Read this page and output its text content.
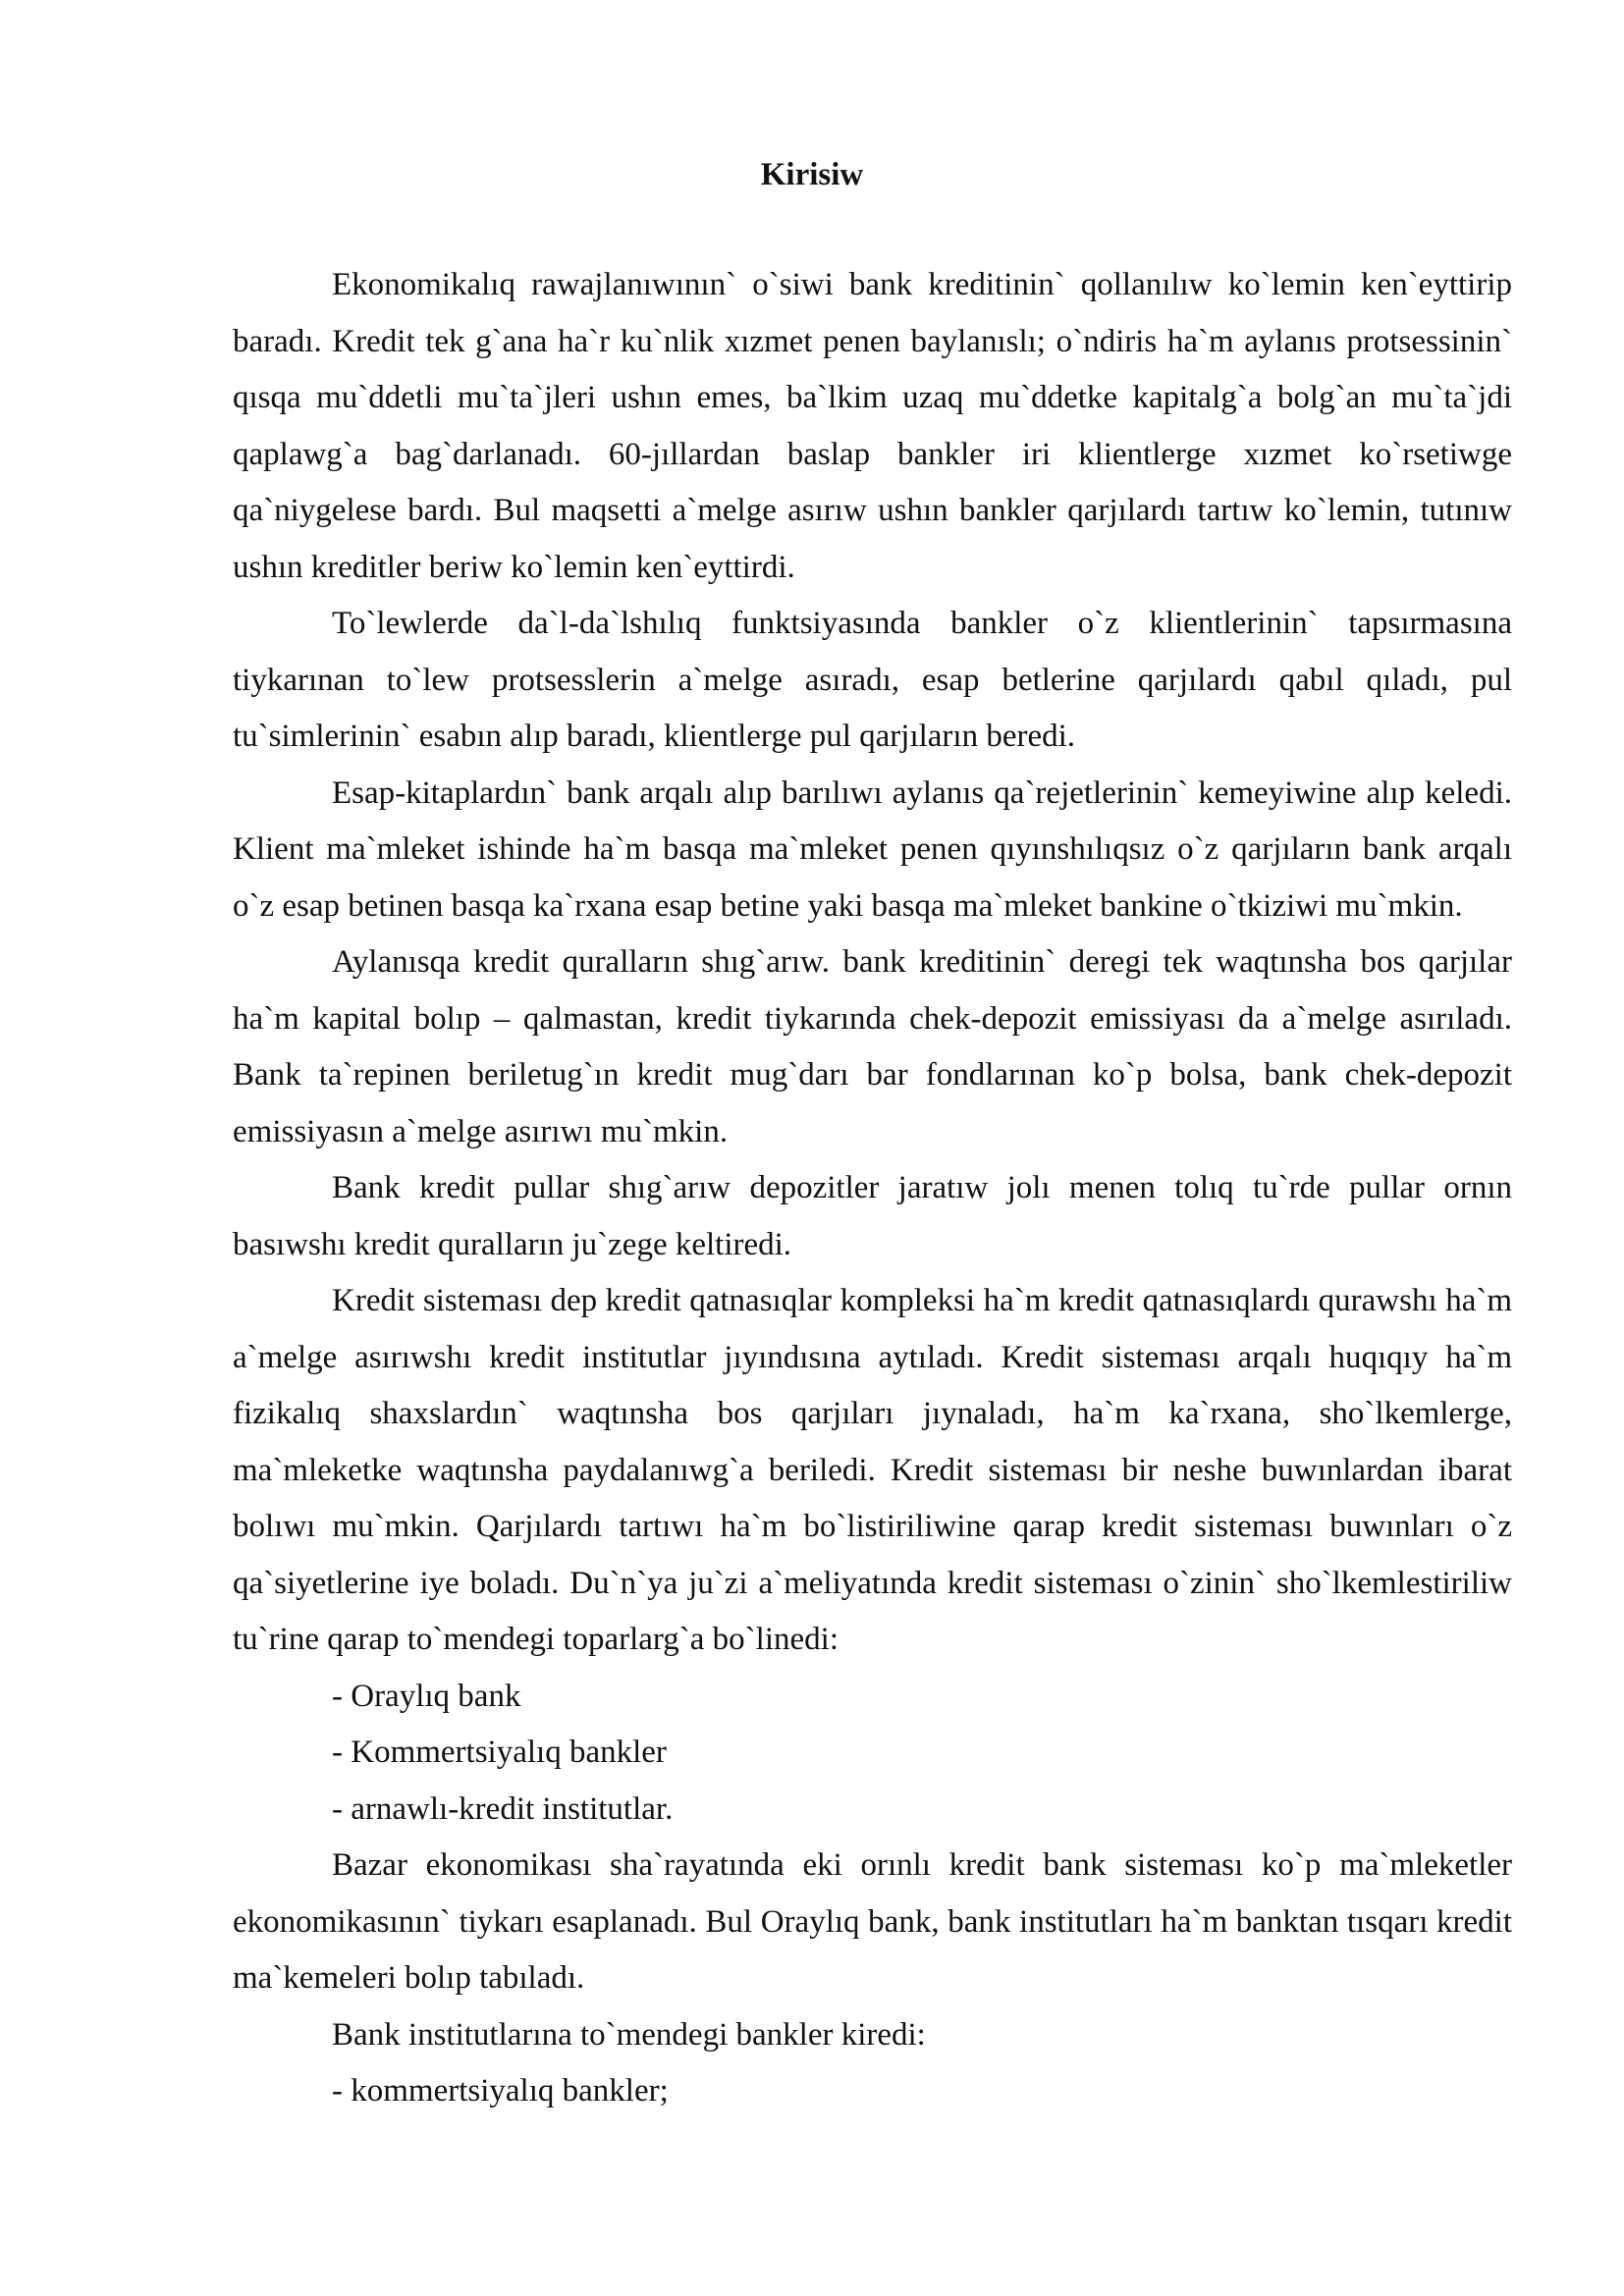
Kirisiw

Ekonomikalıq rawajlanıwının` o`siwi bank kreditinin` qollanılıw ko`lemin ken`eyttirip baradı. Kredit tek g`ana ha`r ku`nlik xızmet penen baylanıslı; o`ndiris ha`m aylanıs protsessinin` qısqa mu`ddetli mu`ta`jleri ushın emes, ba`lkim uzaq mu`ddetke kapitalg`a bolg`an mu`ta`jdi qaplawg`a bag`darlanadı. 60-jıllardan baslap bankler iri klientlerge xızmet ko`rsetiwge qa`niygelese bardı. Bul maqsetti a`melge asırıw ushın bankler qarjılardı tartıw ko`lemin, tutınıw ushın kreditler beriw ko`lemin ken`eyttirdi.

To`lewlerde da`l-da`lshılıq funktsiyasında bankler o`z klientlerinin` tapsırmasına tiykarınan to`lew protsesslerin a`melge asıradı, esap betlerine qarjılardı qabıl qıladı, pul tu`simlerinin` esabın alıp baradı, klientlerge pul qarjıların beredi.

Esap-kitaplardın` bank arqalı alıp barılıwı aylanıs qa`rejetlerinin` kemeyiwine alıp keledi. Klient ma`mleket ishinde ha`m basqa ma`mleket penen qıyınshılıqsız o`z qarjıların bank arqalı o`z esap betinen basqa ka`rxana esap betine yaki basqa ma`mleket bankine o`tkiziwi mu`mkin.

Aylanısqa kredit quralların shıg`arıw. bank kreditinin` deregi tek waqtınsha bos qarjılar ha`m kapital bolıp – qalmastan, kredit tiykarında chek-depozit emissiyası da a`melge asırıladı. Bank ta`repinen beriletug`ın kredit mug`darı bar fondlarınan ko`p bolsa, bank chek-depozit emissiyasın a`melge asırıwı mu`mkin.

Bank kredit pullar shıg`arıw depozitler jaratıw jolı menen tolıq tu`rde pullar ornın basıwshı kredit quralların ju`zege keltiredi.

Kredit sisteması dep kredit qatnasıqlar kompleksi ha`m kredit qatnasıqlardı qurawshı ha`m a`melge asırıwshı kredit institutlar jıyındısına aytıladı. Kredit sisteması arqalı huqıqıy ha`m fizikalıq shaxslardın` waqtınsha bos qarjıları jıynaladı, ha`m ka`rxana, sho`lkemlerge, ma`mleketke waqtınsha paydalanıwg`a beriledi. Kredit sisteması bir neshe buwınlardan ibarat bolıwı mu`mkin. Qarjılardı tartıwı ha`m bo`listiriliwine qarap kredit sisteması buwınları o`z qa`siyetlerine iye boladı. Du`n`ya ju`zi a`meliyatında kredit sisteması o`zinin` sho`lkemlestiriliw tu`rine qarap to`mendegi toparlarg`a bo`linedi:

- Oraylıq bank

- Kommertsiyalıq bankler

- arnawlı-kredit institutlar.

Bazar ekonomikası sha`rayatında eki orınlı kredit bank sisteması ko`p ma`mleketler ekonomikasının` tiykarı esaplanadı. Bul Oraylıq bank, bank institutları ha`m banktan tısqarı kredit ma`kemeleri bolıp tabıladı.

Bank institutlarına to`mendegi bankler kiredi:

- kommertsiyalıq bankler;
